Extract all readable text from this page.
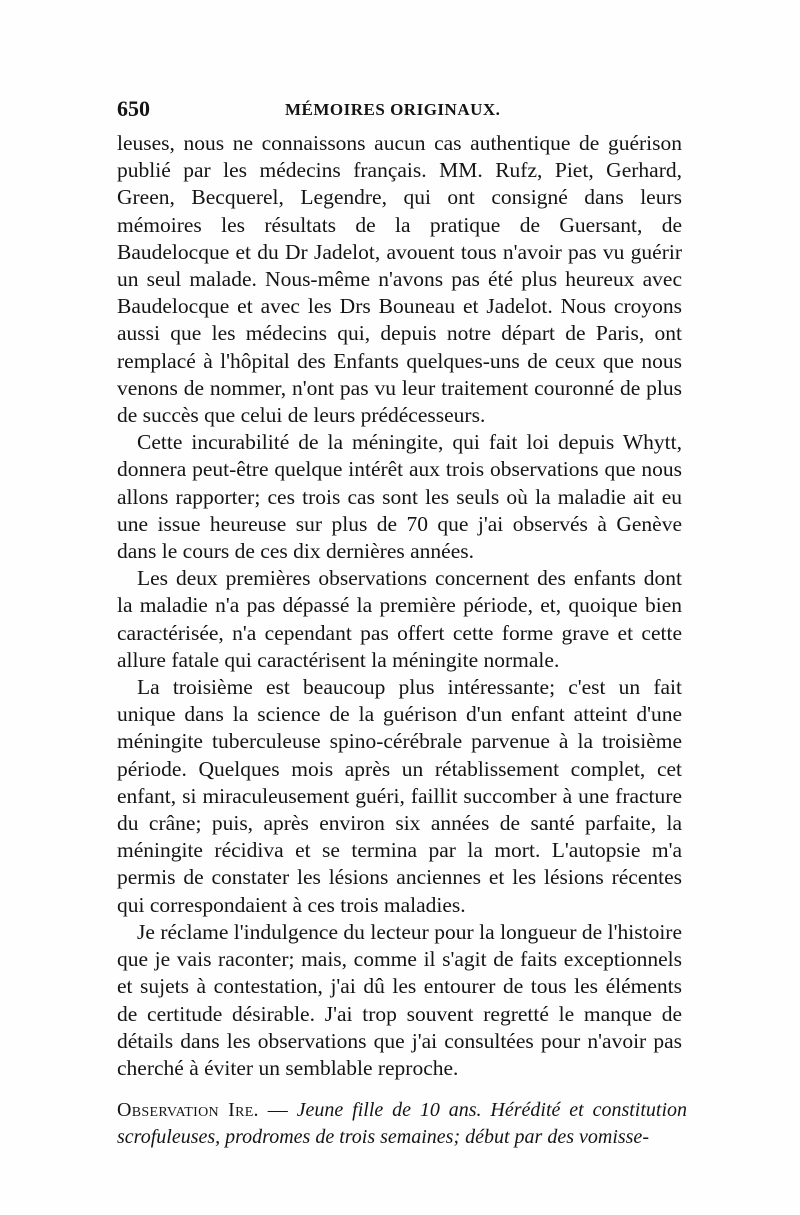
650	MÉMOIRES ORIGINAUX.

leuses, nous ne connaissons aucun cas authentique de guérison publié par les médecins français. MM. Rufz, Piet, Gerhard, Green, Becquerel, Legendre, qui ont consigné dans leurs mémoires les résultats de la pratique de Guersant, de Baudelocque et du Dr Jadelot, avouent tous n'avoir pas vu guérir un seul malade. Nous-même n'avons pas été plus heureux avec Baudelocque et avec les Drs Bouneau et Jadelot. Nous croyons aussi que les médecins qui, depuis notre départ de Paris, ont remplacé à l'hôpital des Enfants quelques-uns de ceux que nous venons de nommer, n'ont pas vu leur traitement couronné de plus de succès que celui de leurs prédécesseurs.

Cette incurabilité de la méningite, qui fait loi depuis Whytt, donnera peut-être quelque intérêt aux trois observations que nous allons rapporter; ces trois cas sont les seuls où la maladie ait eu une issue heureuse sur plus de 70 que j'ai observés à Genève dans le cours de ces dix dernières années.

Les deux premières observations concernent des enfants dont la maladie n'a pas dépassé la première période, et, quoique bien caractérisée, n'a cependant pas offert cette forme grave et cette allure fatale qui caractérisent la méningite normale.

La troisième est beaucoup plus intéressante; c'est un fait unique dans la science de la guérison d'un enfant atteint d'une méningite tuberculeuse spino-cérébrale parvenue à la troisième période. Quelques mois après un rétablissement complet, cet enfant, si miraculeusement guéri, faillit succomber à une fracture du crâne; puis, après environ six années de santé parfaite, la méningite récidiva et se termina par la mort. L'autopsie m'a permis de constater les lésions anciennes et les lésions récentes qui correspondaient à ces trois maladies.

Je réclame l'indulgence du lecteur pour la longueur de l'histoire que je vais raconter; mais, comme il s'agit de faits exceptionnels et sujets à contestation, j'ai dû les entourer de tous les éléments de certitude désirable. J'ai trop souvent regretté le manque de détails dans les observations que j'ai consultées pour n'avoir pas cherché à éviter un semblable reproche.

Observation Ire. — Jeune fille de 10 ans. Hérédité et constitution scrofuleuses, prodromes de trois semaines; début par des vomisse-
